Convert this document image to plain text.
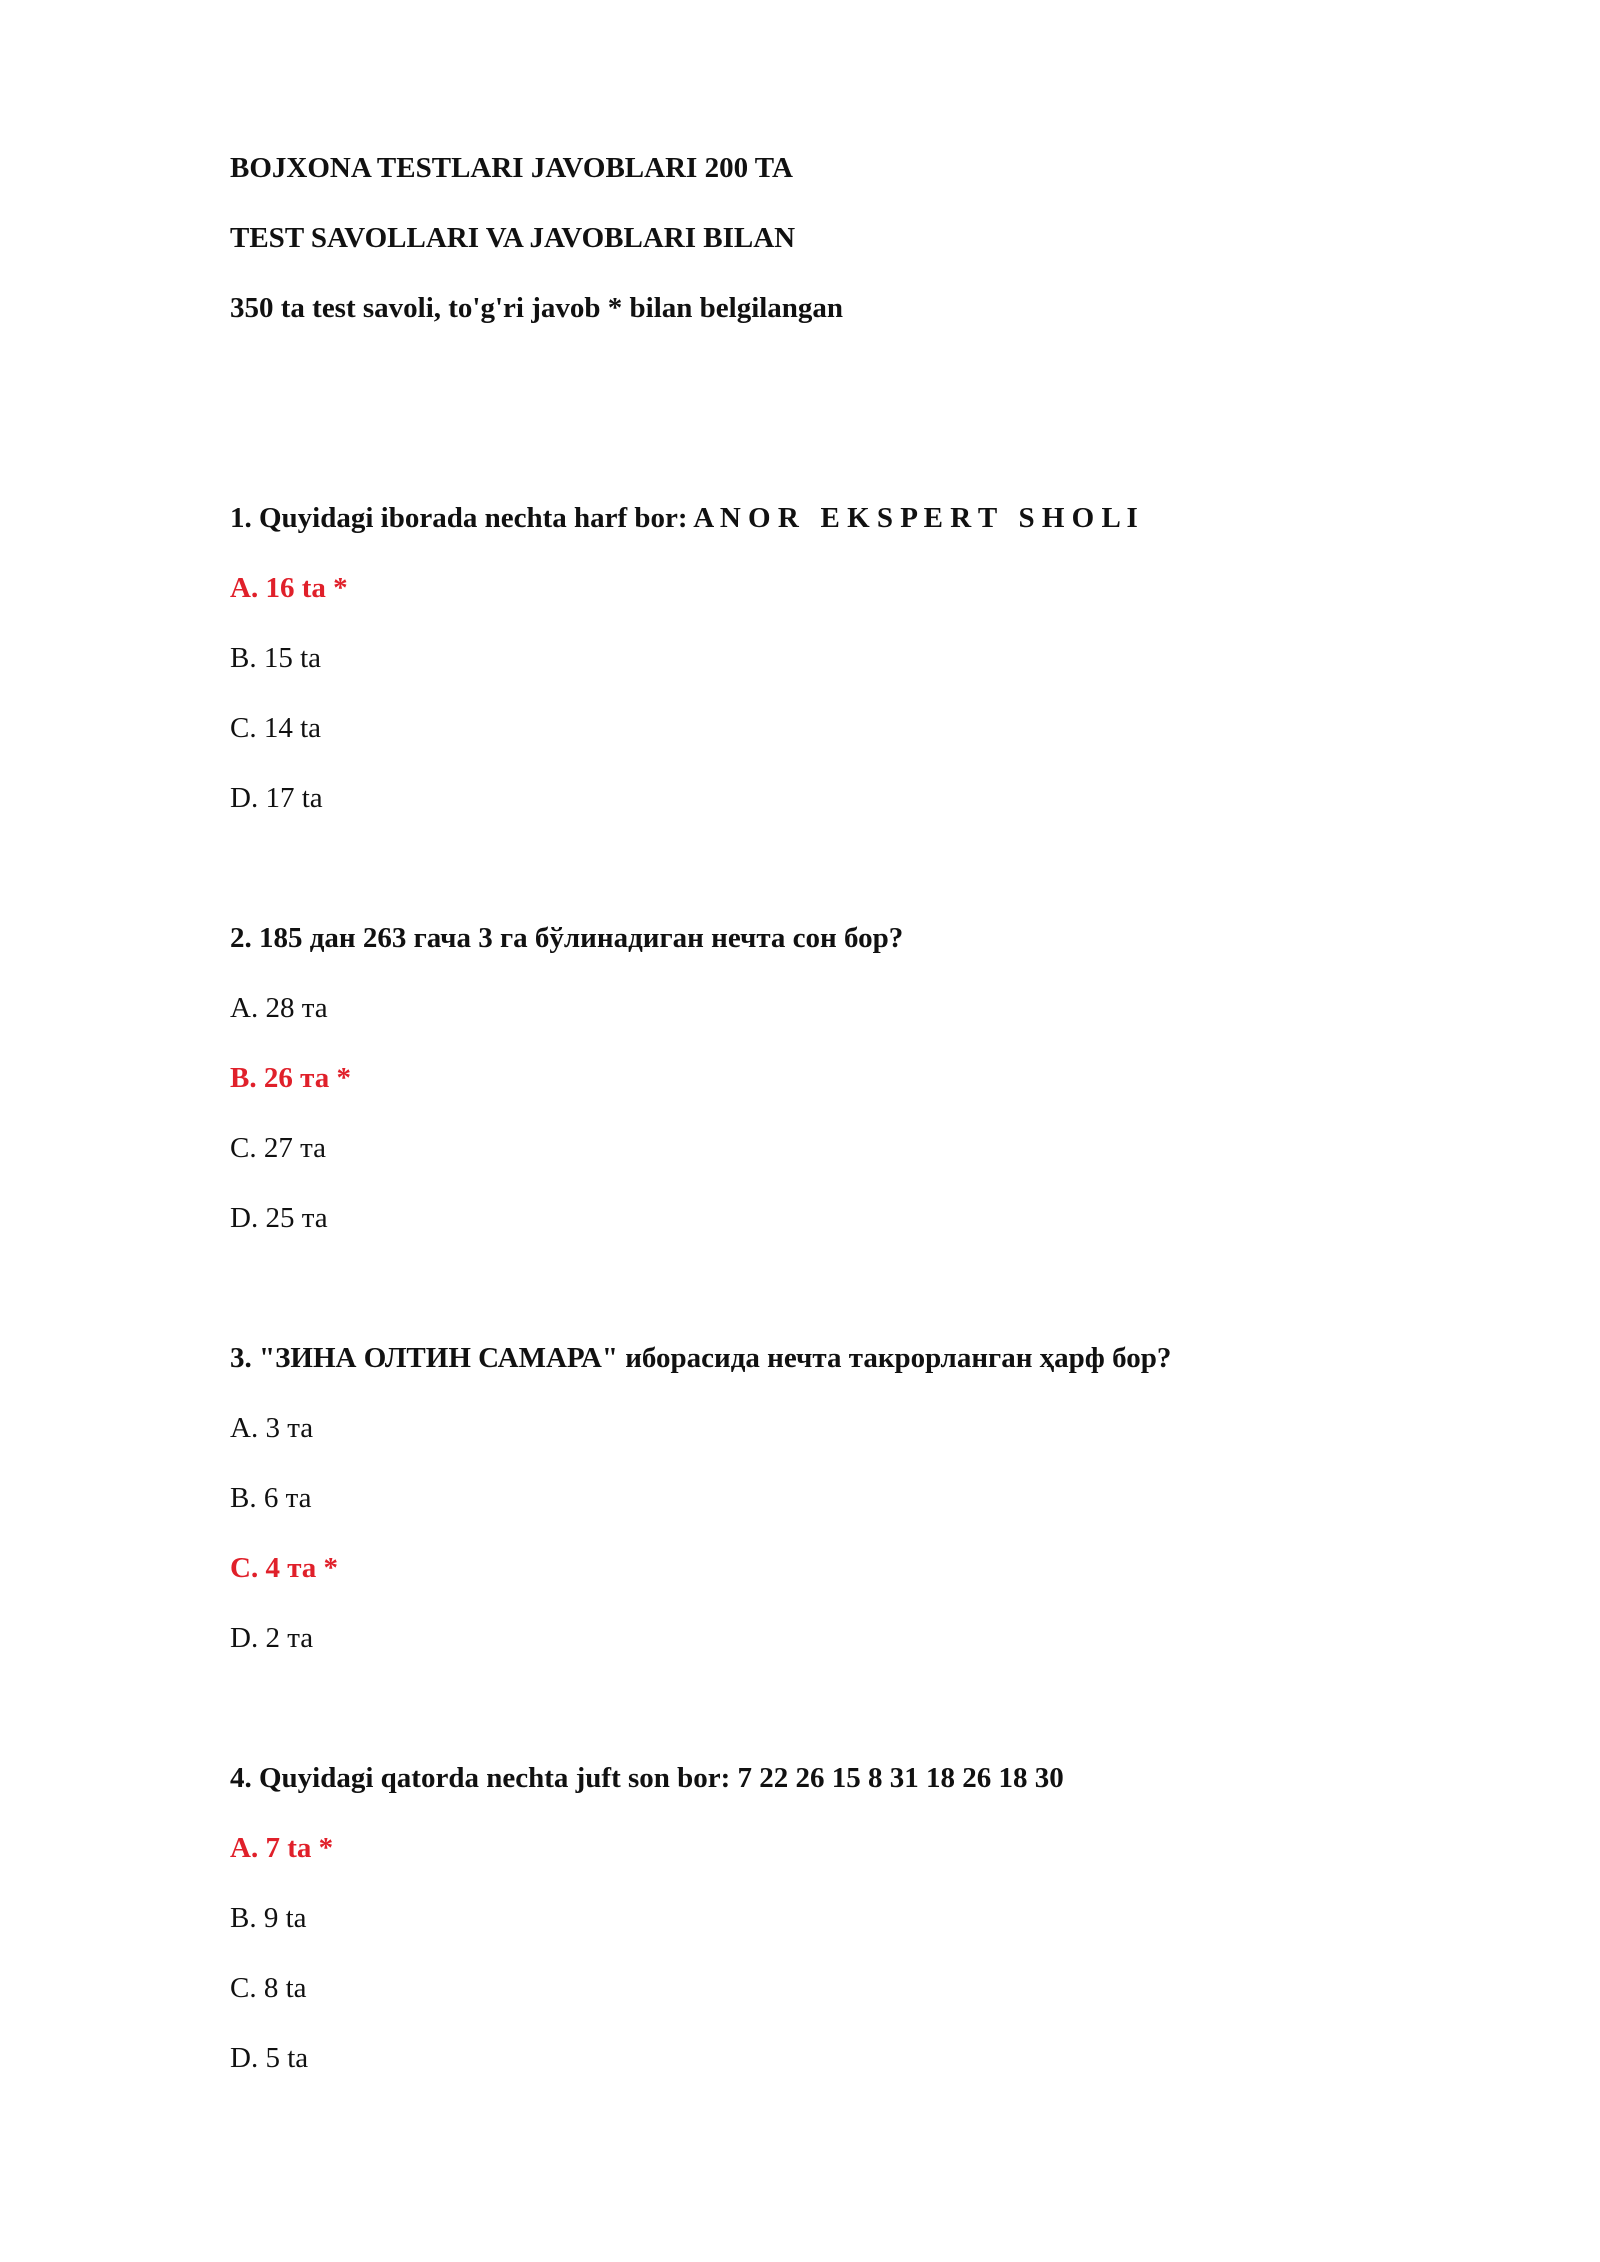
BOJXONA TESTLARI JAVOBLARI 200 TA

TEST SAVOLLARI VA JAVOBLARI BILAN

350 ta test savoli, to'g'ri javob * bilan belgilangan

1. Quyidagi iborada nechta harf bor: A N O R   E K S P E R T   S H O L I

A. 16 ta *

B. 15 ta

C. 14 ta

D. 17 ta

2. 185 дан 263 гача 3 га бўлинадиган нечта сон бор?

A. 28 та

B. 26 та *

C. 27 та

D. 25 та

3. "ЗИНА ОЛТИН САМАРА" иборасида нечта такрорланган ҳарф бор?

A. 3 та

B. 6 та

C. 4 та *

D. 2 та

4. Quyidagi qatorda nechta juft son bor: 7 22 26 15 8 31 18 26 18 30

A. 7 ta *

B. 9 ta

C. 8 ta

D. 5 ta
